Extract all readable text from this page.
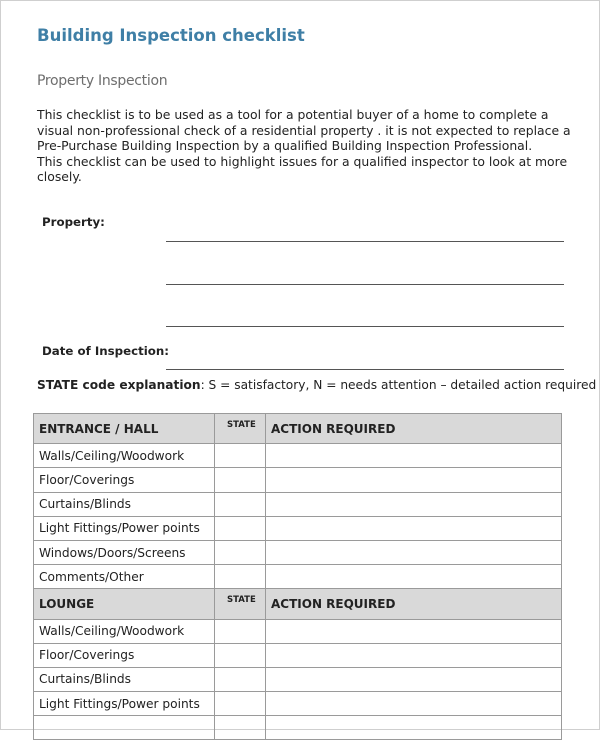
Building Inspection checklist
Property Inspection

This checklist is to be used as a tool for a potential buyer of a home to complete a visual non-professional check of a residential property . it is not expected to replace a Pre-Purchase Building Inspection by a qualified Building Inspection Professional.

This checklist can be used to highlight issues for a qualified inspector to look at more closely.

Property:
Date of Inspection:
STATE code explanation: S = satisfactory, N = needs attention – detailed action required
ENTRANCE / HALL	STATE	ACTION REQUIRED
Walls/Ceiling/Woodwork		
Floor/Coverings		
Curtains/Blinds		
Light Fittings/Power points		
Windows/Doors/Screens		
Comments/Other		
LOUNGE	STATE	ACTION REQUIRED
Walls/Ceiling/Woodwork		
Floor/Coverings		
Curtains/Blinds		
Light Fittings/Power points		
